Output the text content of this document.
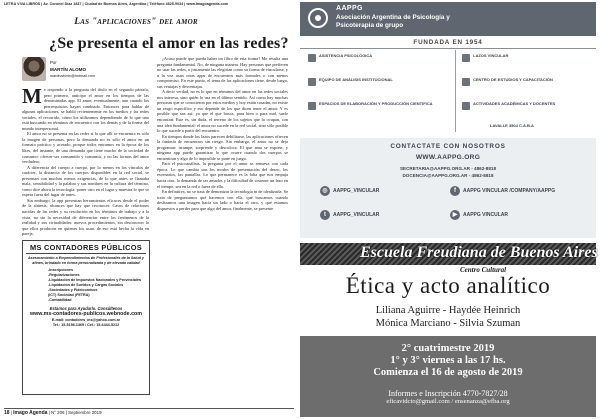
LETRA VIVA LIBROS | Av. Coronel Díaz 1837 | Ciudad de Buenos Aires, Argentina | Teléfono 4825-9034 | www.imagoagenda.com
Las "aplicaciones" del amor
¿Se presenta el amor en las redes?
Por
MARTÍN ALOMO
martinalomo@hotmail.com

Me respondo a la pregunta del título en el segundo párrafo, pero primero, anticipo el amor en los tiempos de las denominadas app. El amor, eventualmente, aun cuando los prerrequisitos hayan cambiado. Entonces para hablar de algunas aplicaciones, se habló recientemente en los medios y las redes sociales, el recorrido, cómo los utilizamos dependiendo de lo que uno está buscando en términos de encuentro con los demás y de la forma del mundo interpersonal.

El amor no se presenta en las redes si lo que allí se encuentra es sólo la imagen de personas, pero la demanda no es sólo el amor en un formato práctico y acotado, porque todos entramos en la época de los likes, del instante, de una demanda que tiene mucho de la sociedad de consumo: ofrecer-ser consumido y consumir, y no las formas del amor verdadero.

A diferencia del cuerpo a cuerpo, por lo menos en los vínculos de carácter, la distancia de los cuerpos disponibles en la red social, se presentan con muchas menos exigencias, de lo que antes se llamaba mala, sensibilidad y la palabra y sus nombres en la cultura del término, como dice ahora la tecnología: poner otro en el lugar y muestra lo que se espera fuera del lugar de antes.

Sin embargo, la app presentan herramientas eficaces desde el poder de la síntesis, alcances que hay que reconocer. Casos de relaciones nacidas de las redes y su resolución en los términos de trabajo y a la vista, no sin la necesidad de diferenciar entre los fenómenos de la realidad y sus virtualidades: nuevos procedimientos, sin desconocer lo que ellos producen en quienes los usan, de eso está hecha la vida en pareja.

¿Acaso puede que pueda haber un filtro de esta forma? Me resulta una pregunta fundamental. No, de ninguna manera. Hay personas que prefieren no usar las redes, o justamente las elegirían como su forma de vincularse, y a la vez usan otras apps de encuentros más formales o con menos compromiso. En este punto, el tema de las aplicaciones tiene, desde luego, sus ventajas y desventajas.

A decir verdad, no es lo que en términos del amor en las redes sociales nos interesa, sino quién lo usa en el último sentido. Así como hay muchas personas que se conocieron por estos medios y hoy están casadas, no existe un rasgo específico y eso depende de los que dicen tener el amor. Y es posible que sea así; ya que el que busca, para bien o para mal, suele encontrar. Este es, sin duda, el terreno de los sujetos que lo ocupan, con una idea fundamental: el amor no sucede en la red social, sino sólo posible lo que sucede a partir del encuentro.

En tiempos donde los lazos parecen debilitarse, las aplicaciones ofrecen la fantasía de encuentros sin riesgo. Sin embargo, el amor no se deja programar: irrumpe, sorprende y descoloca. El que ama se expone, y ninguna app puede garantizar lo que ocurre cuando dos cuerpos se encuentran y algo de lo imposible se pone en juego.

Para el psicoanálisis, la pregunta por el amor se renueva con cada época. Lo que cambia son los modos de presentación del deseo, los escenarios, las pantallas. Lo que permanece es la falta que nos empuja hacia otro, la demanda de ser amados y la dificultad de sostener un lazo en el tiempo, sea en la red o fuera de ella.

En definitiva, no se trata de demonizar la tecnología ni de idealizarla. Se trata de preguntarnos qué hacemos con ella, qué buscamos cuando deslizamos una imagen hacia un lado o hacia el otro, y qué estamos dispuestos a perder para que algo del amor, finalmente, se presente.

MS CONTADORES PÚBLICOS
Asesoramiento a Emprendimientos de Profesionales de la Salud y afines, brindado en forma personalizada y de elevada calidad
-Inscripciones
-Regularizaciones
-Liquidación de Impuestos Nacionales y Provinciales
-Liquidación de Sueldos y Cargas Sociales
-Sociedades y Fideicomisos
(ICT) Sociedad (FETRA)
-Contabilidad
Estamos para Ayudarlo. Consúltenos
www.ms-contadores-publicos.webnode.com
E-mail: contadores_ms@yahoo.com.ar
Tel.: 15-5156-1369 / Cel.: 15-4444-5212
18 | Imago Agenda | N° 206 | Septiembre 2019
AAPPG
Asociación Argentina de Psicología y
Psicoterapia de grupo
FUNDADA EN 1954
ASISTENCIA PSICOLÓGICA
EQUIPO DE ANÁLISIS INSTITUCIONAL
ESPACIOS DE ELABORACIÓN Y PRODUCCIÓN CIENTÍFICA
LAZOS VINCULAR
CENTRO DE ESTUDIOS Y CAPACITACIÓN
ACTIVIDADES ACADÉMICAS Y DOCENTES
LAVALLE 3504 C.A.B.A
CONTACTATE CON NOSOTROS
WWW.AAPPG.ORG
SECRETARIA@AAPPG.ORG.AR - 4862-8818
DOCENCIA@AAPPG.ORG.AR - 4862-8818
◎	AAPPG_VINCULAR	f	AAPPG VINCULAR /COMPANY/AAPPG
t	AAPPG_VINCULAR	▶	AAPPG VINCULAR
Escuela Freudiana de Buenos Aires
Centro Cultural
Ética y acto analítico
Liliana Aguirre - Haydée Heinrich
Mónica Marciano - Silvia Szuman
2° cuatrimestre 2019
1° y 3° viernes a las 17 hs.
Comienza el 16 de agosto de 2019
Informes e Inscripción 4770-7827/28
eficavidcto@gmail.com / ensenanza@efba.org
